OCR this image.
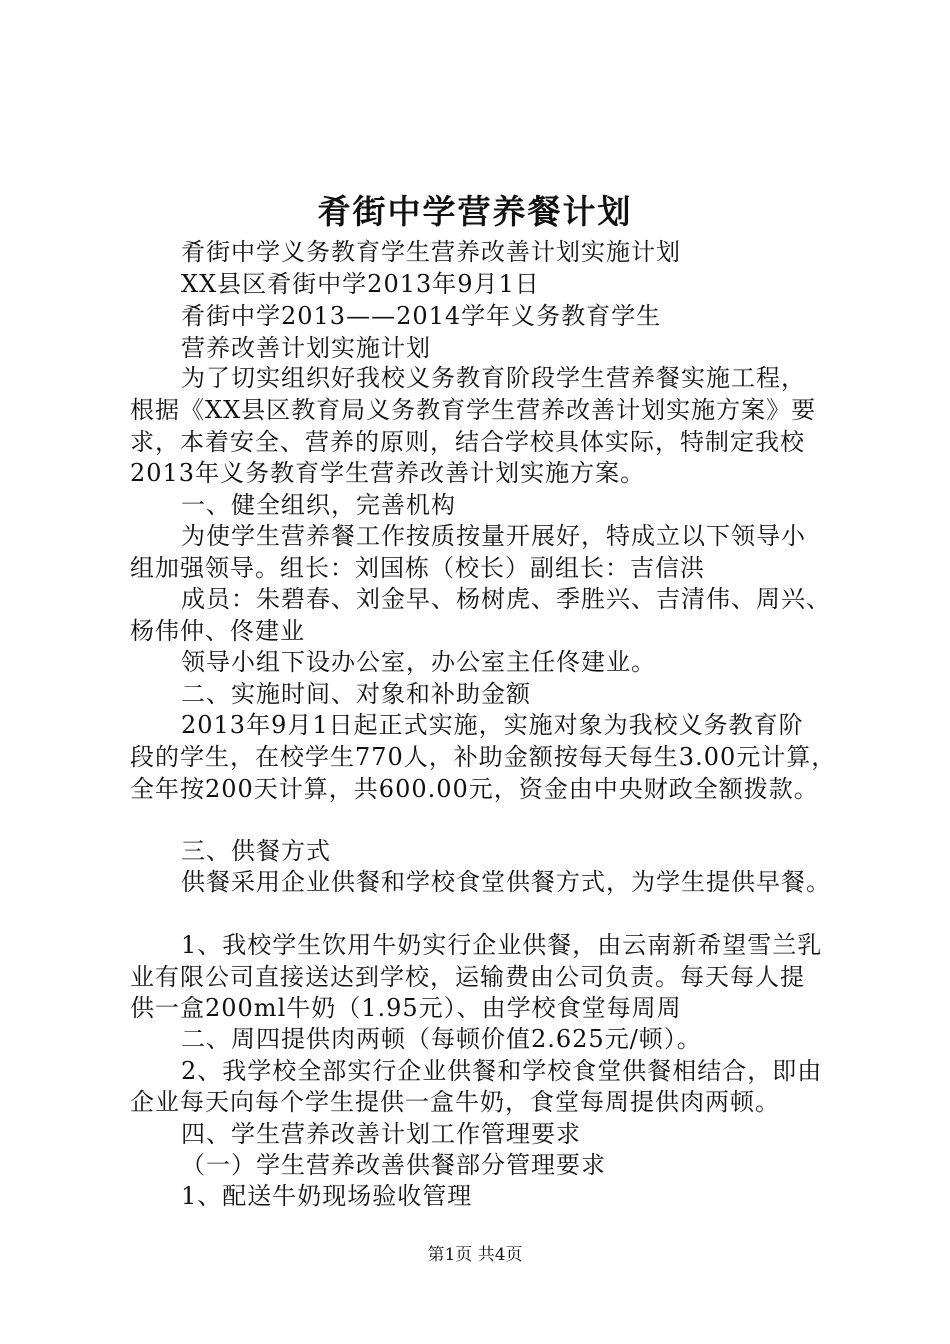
肴街中学营养餐计划
肴街中学义务教育学生营养改善计划实施计划
XX县区肴街中学2013年9月1日
肴街中学2013——2014学年义务教育学生
营养改善计划实施计划
为了切实组织好我校义务教育阶段学生营养餐实施工程，
根据《XX县区教育局义务教育学生营养改善计划实施方案》要
求，本着安全、营养的原则，结合学校具体实际，特制定我校
2013年义务教育学生营养改善计划实施方案。
一、健全组织，完善机构
为使学生营养餐工作按质按量开展好，特成立以下领导小
组加强领导。组长：刘国栋（校长）副组长：吉信洪
成员：朱碧春、刘金早、杨树虎、季胜兴、吉清伟、周兴、
杨伟仲、佟建业
领导小组下设办公室，办公室主任佟建业。
二、实施时间、对象和补助金额
2013年9月1日起正式实施，实施对象为我校义务教育阶
段的学生，在校学生770人，补助金额按每天每生3.00元计算，
全年按200天计算，共600.00元，资金由中央财政全额拨款。
三、供餐方式
供餐采用企业供餐和学校食堂供餐方式，为学生提供早餐。
1、我校学生饮用牛奶实行企业供餐，由云南新希望雪兰乳
业有限公司直接送达到学校，运输费由公司负责。每天每人提
供一盒200ml牛奶（1.95元）、由学校食堂每周周
二、周四提供肉两顿（每顿价值2.625元/顿）。
2、我学校全部实行企业供餐和学校食堂供餐相结合，即由
企业每天向每个学生提供一盒牛奶，食堂每周提供肉两顿。
四、学生营养改善计划工作管理要求
（一）学生营养改善供餐部分管理要求
1、配送牛奶现场验收管理
第1页 共4页
